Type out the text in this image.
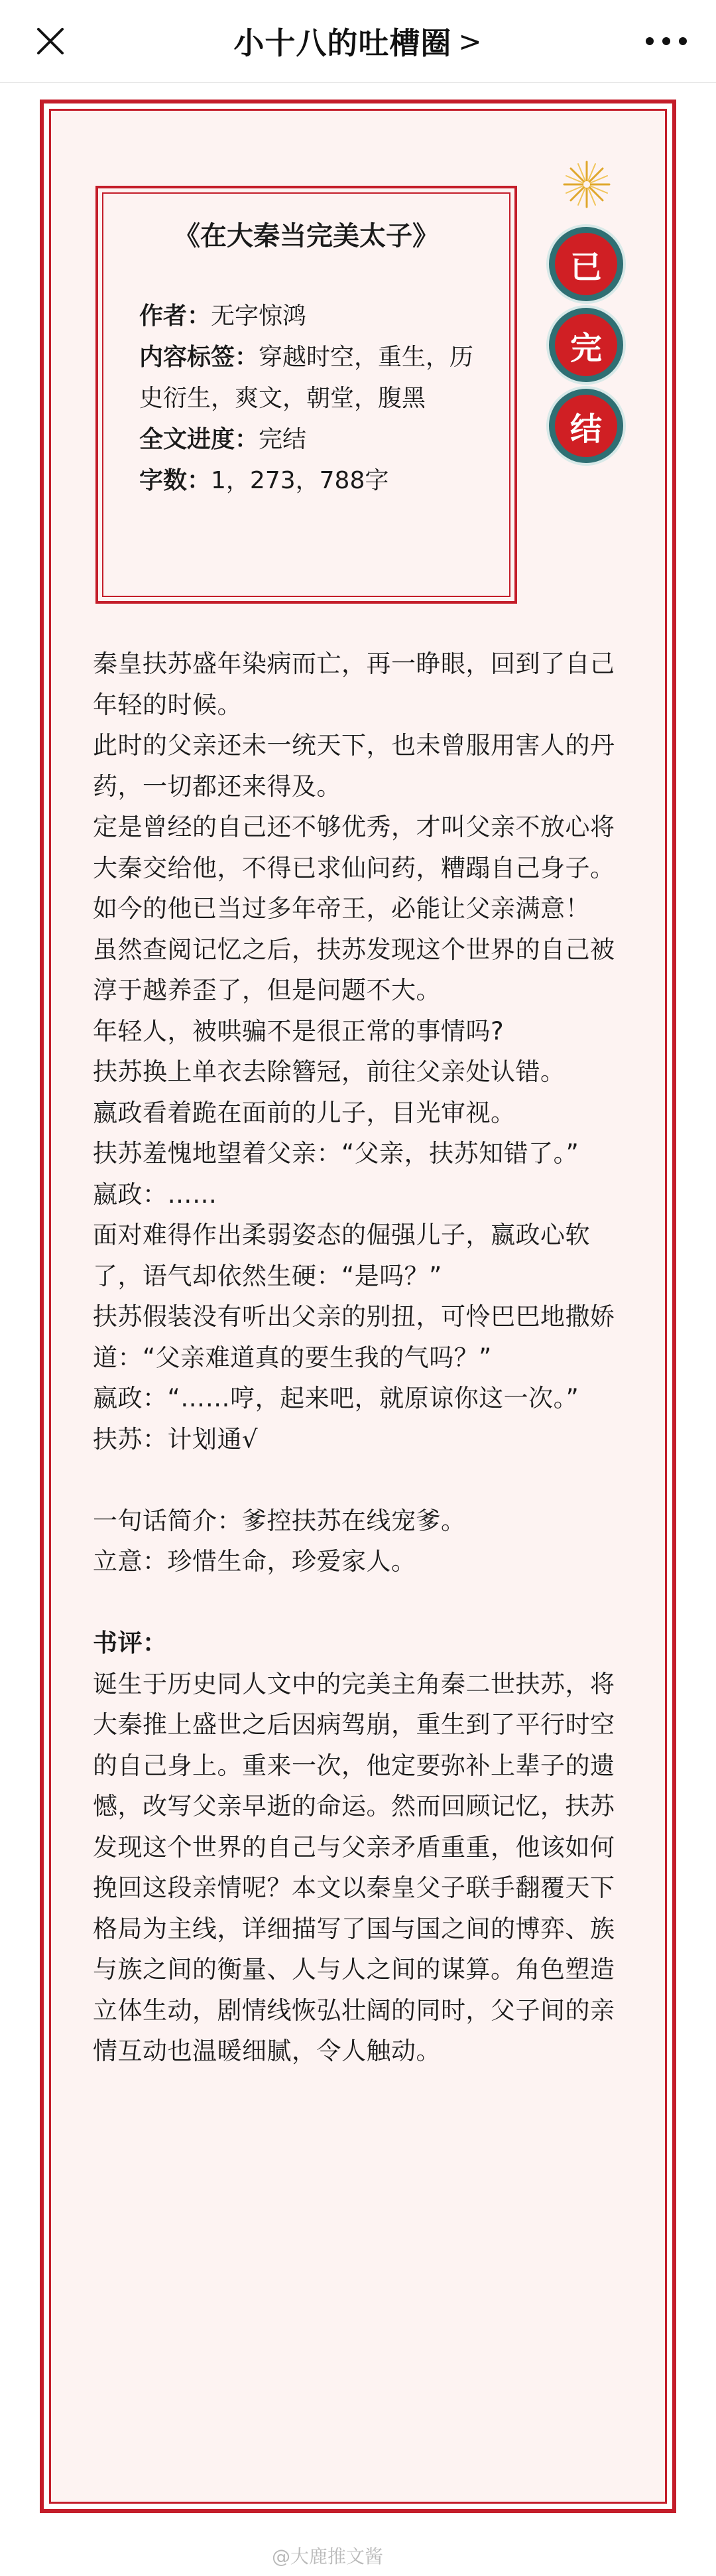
小十八的吐槽圈 >
《在大秦当完美太子》

作者：无字惊鸿

内容标签：穿越时空，重生，历史衍生，爽文，朝堂，腹黑

全文进度：完结

字数：1，273，788字

已
完
结

秦皇扶苏盛年染病而亡，再一睁眼，回到了自己年轻的时候。

此时的父亲还未一统天下，也未曾服用害人的丹药，一切都还来得及。

定是曾经的自己还不够优秀，才叫父亲不放心将大秦交给他，不得已求仙问药，糟蹋自己身子。

如今的他已当过多年帝王，必能让父亲满意！

虽然查阅记忆之后，扶苏发现这个世界的自己被淳于越养歪了，但是问题不大。

年轻人，被哄骗不是很正常的事情吗?

扶苏换上单衣去除簪冠，前往父亲处认错。

嬴政看着跪在面前的儿子，目光审视。

扶苏羞愧地望着父亲：“父亲，扶苏知错了。”

嬴政：……

面对难得作出柔弱姿态的倔强儿子，嬴政心软了，语气却依然生硬：“是吗？”

扶苏假装没有听出父亲的别扭，可怜巴巴地撒娇道：“父亲难道真的要生我的气吗？”

嬴政：“……哼，起来吧，就原谅你这一次。”

扶苏：计划通√

一句话简介：爹控扶苏在线宠爹。

立意：珍惜生命，珍爱家人。

书评：

诞生于历史同人文中的完美主角秦二世扶苏，将大秦推上盛世之后因病驾崩，重生到了平行时空的自己身上。重来一次，他定要弥补上辈子的遗憾，改写父亲早逝的命运。然而回顾记忆，扶苏发现这个世界的自己与父亲矛盾重重，他该如何挽回这段亲情呢？本文以秦皇父子联手翻覆天下格局为主线，详细描写了国与国之间的博弈、族与族之间的衡量、人与人之间的谋算。角色塑造立体生动，剧情线恢弘壮阔的同时，父子间的亲情互动也温暖细腻，令人触动。

@大鹿推文酱
